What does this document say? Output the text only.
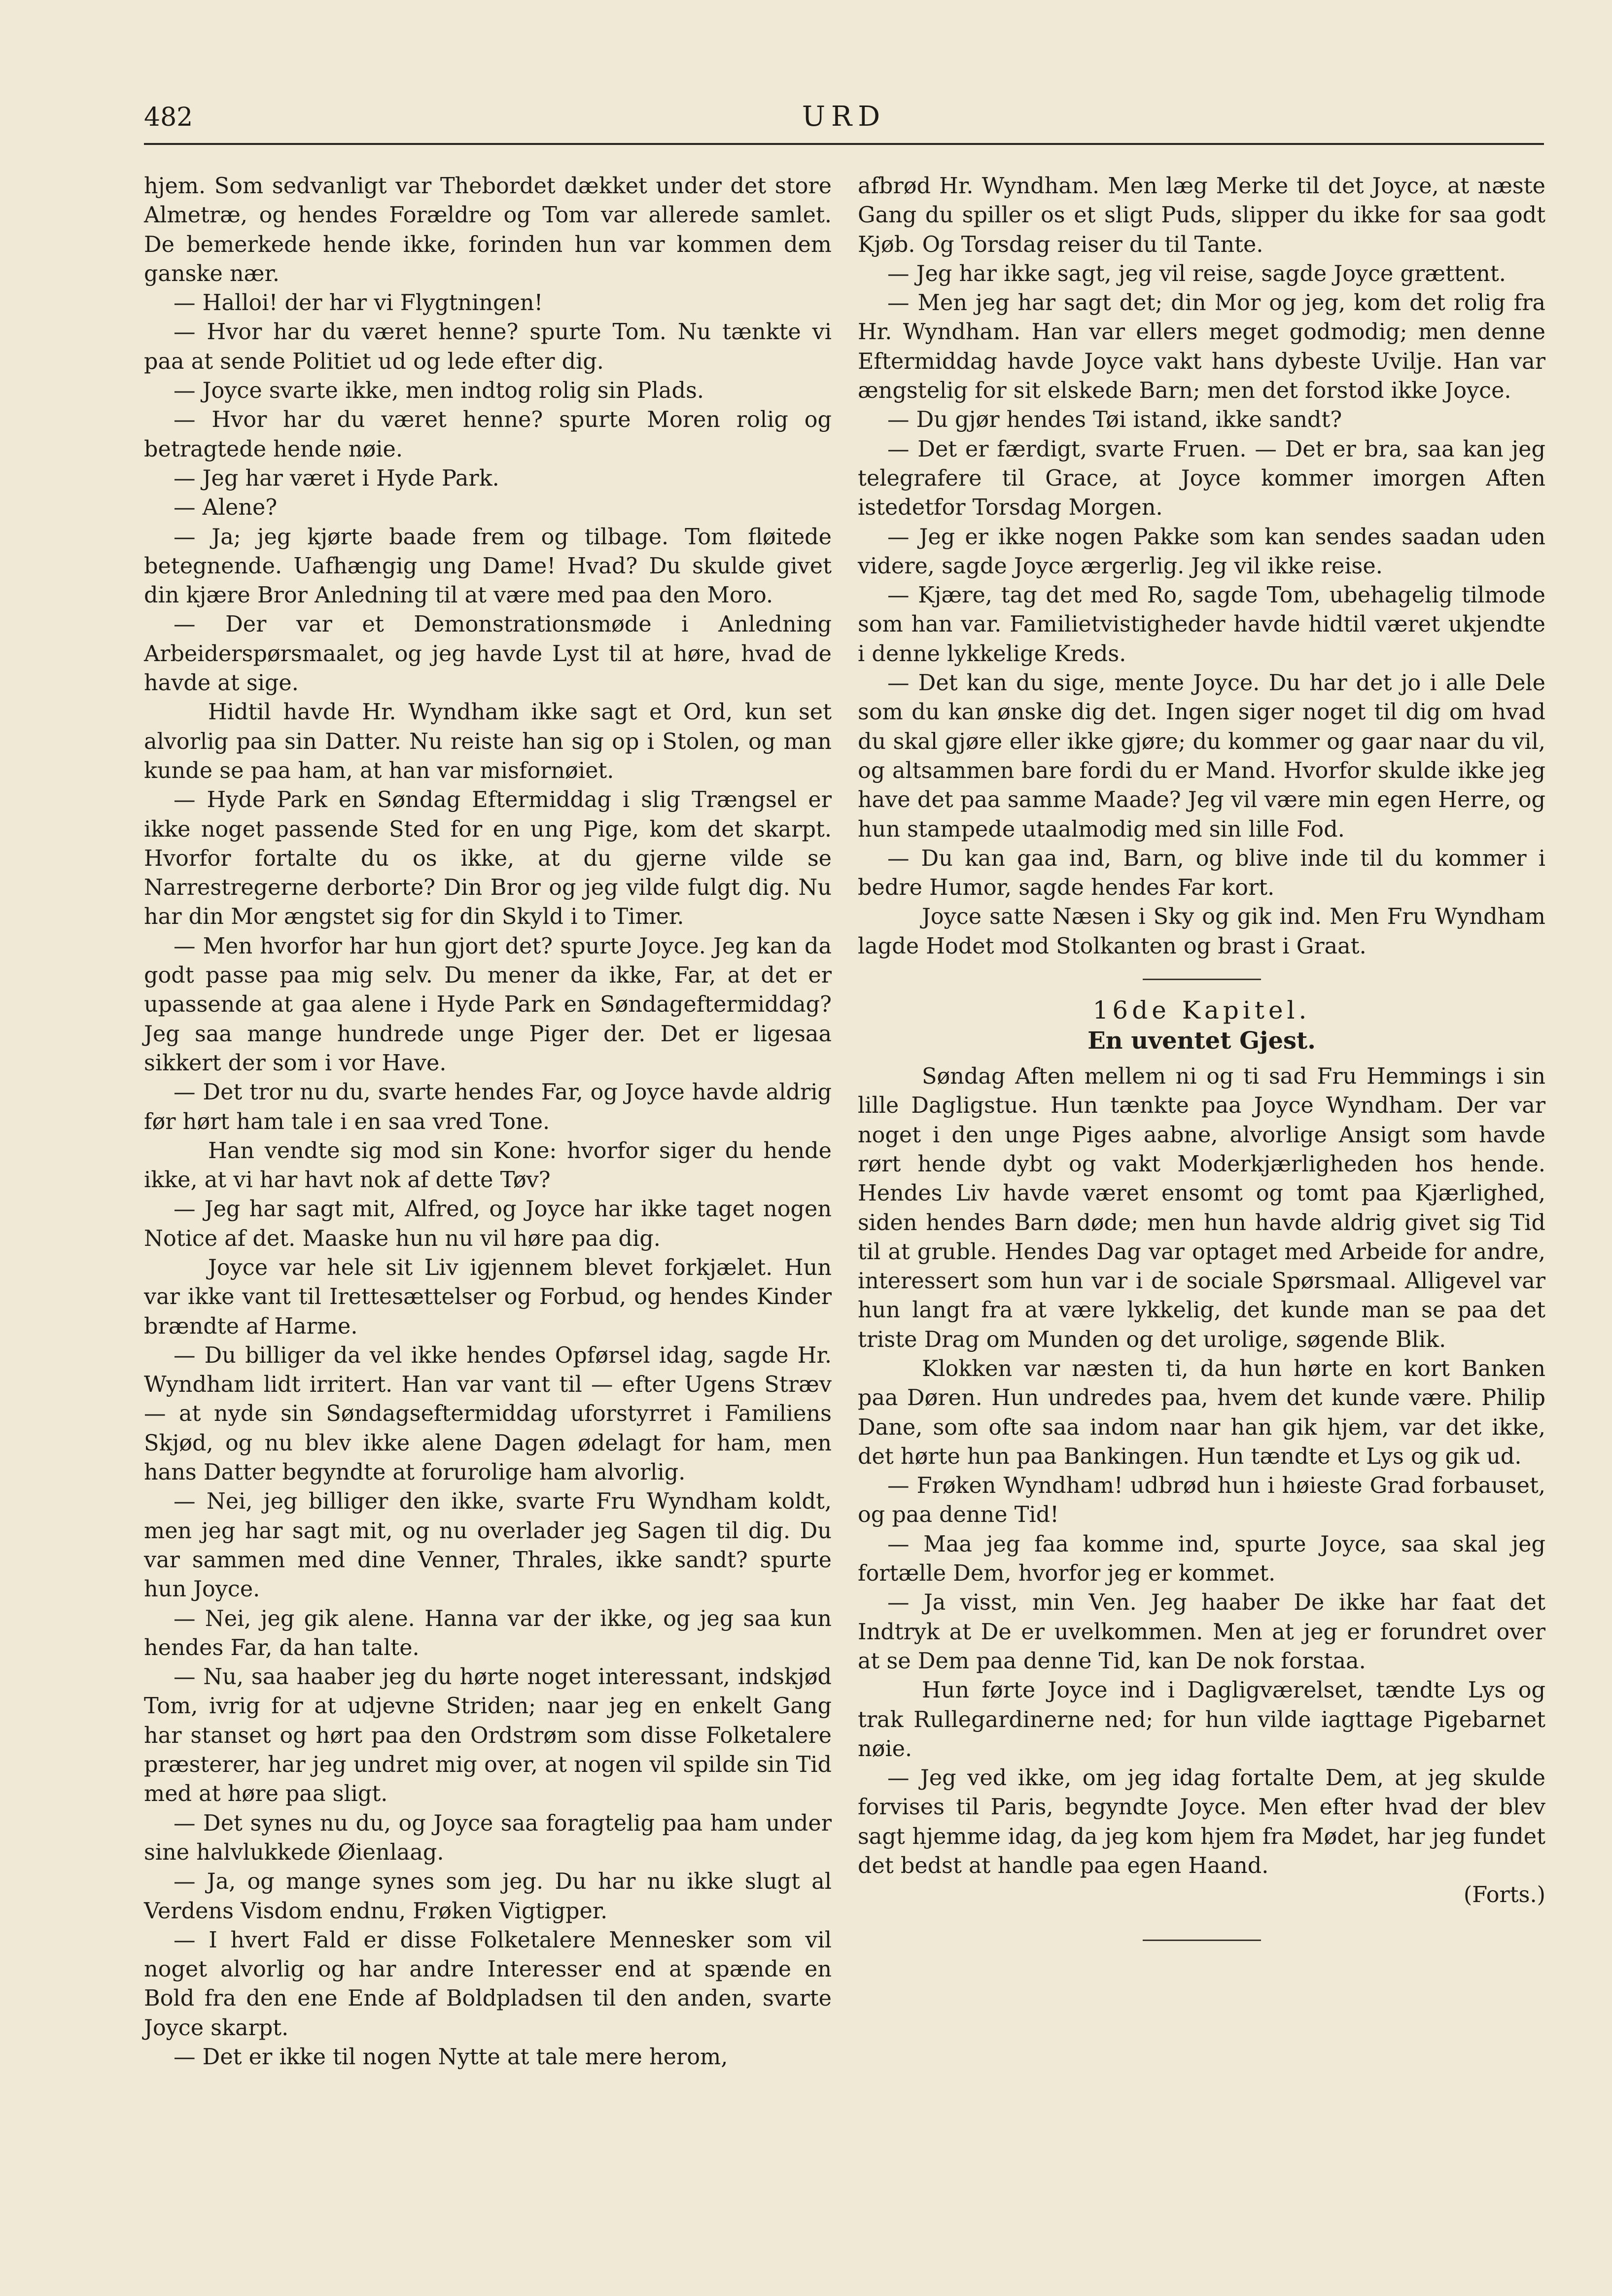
482	URD

hjem. Som sedvanligt var Thebordet dækket under det store Almetræ, og hendes Forældre og Tom var allerede samlet. De bemerkede hende ikke, forinden hun var kommen dem ganske nær.

— Halloi! der har vi Flygtningen!

— Hvor har du været henne? spurte Tom. Nu tænkte vi paa at sende Politiet ud og lede efter dig.

— Joyce svarte ikke, men indtog rolig sin Plads.

— Hvor har du været henne? spurte Moren rolig og betragtede hende nøie.

— Jeg har været i Hyde Park.

— Alene?

— Ja; jeg kjørte baade frem og tilbage. Tom fløitede betegnende. Uafhængig ung Dame! Hvad? Du skulde givet din kjære Bror Anledning til at være med paa den Moro.

— Der var et Demonstrationsmøde i Anledning Arbeiderspørsmaalet, og jeg havde Lyst til at høre, hvad de havde at sige.

Hidtil havde Hr. Wyndham ikke sagt et Ord, kun set alvorlig paa sin Datter. Nu reiste han sig op i Stolen, og man kunde se paa ham, at han var misfornøiet.

— Hyde Park en Søndag Eftermiddag i slig Trængsel er ikke noget passende Sted for en ung Pige, kom det skarpt. Hvorfor fortalte du os ikke, at du gjerne vilde se Narrestregerne derborte? Din Bror og jeg vilde fulgt dig. Nu har din Mor ængstet sig for din Skyld i to Timer.

— Men hvorfor har hun gjort det? spurte Joyce. Jeg kan da godt passe paa mig selv. Du mener da ikke, Far, at det er upassende at gaa alene i Hyde Park en Søndageftermiddag? Jeg saa mange hundrede unge Piger der. Det er ligesaa sikkert der som i vor Have.

— Det tror nu du, svarte hendes Far, og Joyce havde aldrig før hørt ham tale i en saa vred Tone.

Han vendte sig mod sin Kone: hvorfor siger du hende ikke, at vi har havt nok af dette Tøv?

— Jeg har sagt mit, Alfred, og Joyce har ikke taget nogen Notice af det. Maaske hun nu vil høre paa dig.

Joyce var hele sit Liv igjennem blevet forkjælet. Hun var ikke vant til Irettesættelser og Forbud, og hendes Kinder brændte af Harme.

— Du billiger da vel ikke hendes Opførsel idag, sagde Hr. Wyndham lidt irritert. Han var vant til — efter Ugens Stræv — at nyde sin Søndagseftermiddag uforstyrret i Familiens Skjød, og nu blev ikke alene Dagen ødelagt for ham, men hans Datter begyndte at forurolige ham alvorlig.

— Nei, jeg billiger den ikke, svarte Fru Wyndham koldt, men jeg har sagt mit, og nu overlader jeg Sagen til dig. Du var sammen med dine Venner, Thrales, ikke sandt? spurte hun Joyce.

— Nei, jeg gik alene. Hanna var der ikke, og jeg saa kun hendes Far, da han talte.

— Nu, saa haaber jeg du hørte noget interessant, indskjød Tom, ivrig for at udjevne Striden; naar jeg en enkelt Gang har stanset og hørt paa den Ordstrøm som disse Folketalere præsterer, har jeg undret mig over, at nogen vil spilde sin Tid med at høre paa sligt.

— Det synes nu du, og Joyce saa foragtelig paa ham under sine halvlukkede Øienlaag.

— Ja, og mange synes som jeg. Du har nu ikke slugt al Verdens Visdom endnu, Frøken Vigtigper.

— I hvert Fald er disse Folketalere Mennesker som vil noget alvorlig og har andre Interesser end at spænde en Bold fra den ene Ende af Boldpladsen til den anden, svarte Joyce skarpt.

— Det er ikke til nogen Nytte at tale mere herom,

afbrød Hr. Wyndham. Men læg Merke til det Joyce, at næste Gang du spiller os et sligt Puds, slipper du ikke for saa godt Kjøb. Og Torsdag reiser du til Tante.

— Jeg har ikke sagt, jeg vil reise, sagde Joyce grættent.

— Men jeg har sagt det; din Mor og jeg, kom det rolig fra Hr. Wyndham. Han var ellers meget godmodig; men denne Eftermiddag havde Joyce vakt hans dybeste Uvilje. Han var ængstelig for sit elskede Barn; men det forstod ikke Joyce.

— Du gjør hendes Tøi istand, ikke sandt?

— Det er færdigt, svarte Fruen. — Det er bra, saa kan jeg telegrafere til Grace, at Joyce kommer imorgen Aften istedetfor Torsdag Morgen.

— Jeg er ikke nogen Pakke som kan sendes saadan uden videre, sagde Joyce ærgerlig. Jeg vil ikke reise.

— Kjære, tag det med Ro, sagde Tom, ubehagelig tilmode som han var. Familietvistigheder havde hidtil været ukjendte i denne lykkelige Kreds.

— Det kan du sige, mente Joyce. Du har det jo i alle Dele som du kan ønske dig det. Ingen siger noget til dig om hvad du skal gjøre eller ikke gjøre; du kommer og gaar naar du vil, og altsammen bare fordi du er Mand. Hvorfor skulde ikke jeg have det paa samme Maade? Jeg vil være min egen Herre, og hun stampede utaalmodig med sin lille Fod.

— Du kan gaa ind, Barn, og blive inde til du kommer i bedre Humor, sagde hendes Far kort.

Joyce satte Næsen i Sky og gik ind. Men Fru Wyndham lagde Hodet mod Stolkanten og brast i Graat.

16de Kapitel.
En uventet Gjest.

Søndag Aften mellem ni og ti sad Fru Hemmings i sin lille Dagligstue. Hun tænkte paa Joyce Wyndham. Der var noget i den unge Piges aabne, alvorlige Ansigt som havde rørt hende dybt og vakt Moderkjærligheden hos hende. Hendes Liv havde været ensomt og tomt paa Kjærlighed, siden hendes Barn døde; men hun havde aldrig givet sig Tid til at gruble. Hendes Dag var optaget med Arbeide for andre, interessert som hun var i de sociale Spørsmaal. Alligevel var hun langt fra at være lykkelig, det kunde man se paa det triste Drag om Munden og det urolige, søgende Blik.

Klokken var næsten ti, da hun hørte en kort Banken paa Døren. Hun undredes paa, hvem det kunde være. Philip Dane, som ofte saa indom naar han gik hjem, var det ikke, det hørte hun paa Bankingen. Hun tændte et Lys og gik ud.

— Frøken Wyndham! udbrød hun i høieste Grad forbauset, og paa denne Tid!

— Maa jeg faa komme ind, spurte Joyce, saa skal jeg fortælle Dem, hvorfor jeg er kommet.

— Ja visst, min Ven. Jeg haaber De ikke har faat det Indtryk at De er uvelkommen. Men at jeg er forundret over at se Dem paa denne Tid, kan De nok forstaa.

Hun førte Joyce ind i Dagligværelset, tændte Lys og trak Rullegardinerne ned; for hun vilde iagttage Pigebarnet nøie.

— Jeg ved ikke, om jeg idag fortalte Dem, at jeg skulde forvises til Paris, begyndte Joyce. Men efter hvad der blev sagt hjemme idag, da jeg kom hjem fra Mødet, har jeg fundet det bedst at handle paa egen Haand.

(Forts.)
